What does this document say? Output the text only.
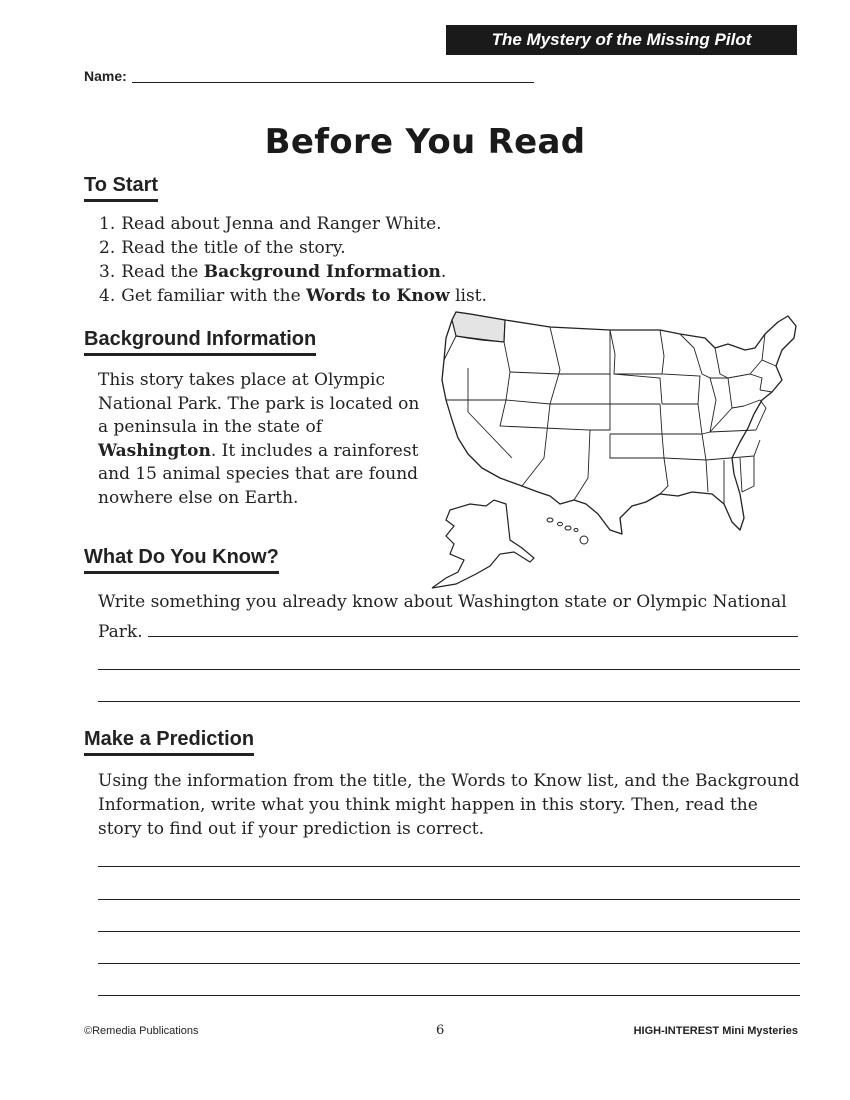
The Mystery of the Missing Pilot
Name:
Before You Read
To Start
1. Read about Jenna and Ranger White.
2. Read the title of the story.
3. Read the Background Information.
4. Get familiar with the Words to Know list.
Background Information

This story takes place at Olympic National Park. The park is located on a peninsula in the state of Washington. It includes a rainforest and 15 animal species that are found nowhere else on Earth.

What Do You Know?

Write something you already know about Washington state or Olympic National
Park.

Make a Prediction

Using the information from the title, the Words to Know list, and the Background Information, write what you think might happen in this story. Then, read the story to find out if your prediction is correct.

©Remedia Publications	6	HIGH-INTEREST Mini Mysteries
